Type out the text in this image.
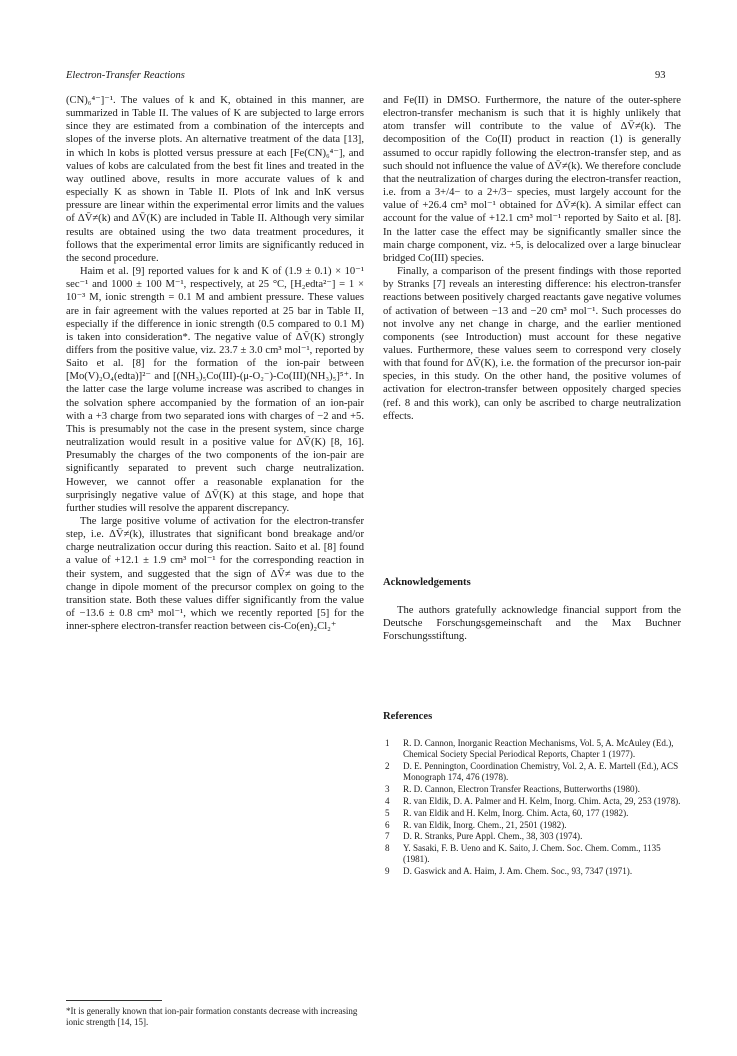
Electron-Transfer Reactions	93

(CN)₆⁴⁻]⁻¹. The values of k and K, obtained in this manner, are summarized in Table II. The values of K are subjected to large errors since they are estimated from a combination of the intercepts and slopes of the inverse plots. An alternative treatment of the data [13], in which ln kobs is plotted versus pressure at each [Fe(CN)₆⁴⁻], and values of kobs are calculated from the best fit lines and treated in the way outlined above, results in more accurate values of k and especially K as shown in Table II. Plots of lnk and lnK versus pressure are linear within the experimental error limits and the values of ΔV̄≠(k) and ΔV̄(K) are included in Table II. Although very similar results are obtained using the two data treatment procedures, it follows that the experimental error limits are significantly reduced in the second procedure.

Haim et al. [9] reported values for k and K of (1.9 ± 0.1) × 10⁻¹ sec⁻¹ and 1000 ± 100 M⁻¹, respectively, at 25 °C, [H₂edta²⁻] = 1 × 10⁻³ M, ionic strength = 0.1 M and ambient pressure. These values are in fair agreement with the values reported at 25 bar in Table II, especially if the difference in ionic strength (0.5 compared to 0.1 M) is taken into consideration*. The negative value of ΔV̄(K) strongly differs from the positive value, viz. 23.7 ± 3.0 cm³ mol⁻¹, reported by Saito et al. [8] for the formation of the ion-pair between [Mo(V)₂O₄(edta)]²⁻ and [(NH₃)₅Co(III)-(μ-O₂⁻)-Co(III)(NH₃)₅]⁵⁺. In the latter case the large volume increase was ascribed to changes in the solvation sphere accompanied by the formation of an ion-pair with a +3 charge from two separated ions with charges of −2 and +5. This is presumably not the case in the present system, since charge neutralization would result in a positive value for ΔV̄(K) [8, 16]. Presumably the charges of the two components of the ion-pair are significantly separated to prevent such charge neutralization. However, we cannot offer a reasonable explanation for the surprisingly negative value of ΔV̄(K) at this stage, and hope that further studies will resolve the apparent discrepancy.

The large positive volume of activation for the electron-transfer step, i.e. ΔV̄≠(k), illustrates that significant bond breakage and/or charge neutralization occur during this reaction. Saito et al. [8] found a value of +12.1 ± 1.9 cm³ mol⁻¹ for the corresponding reaction in their system, and suggested that the sign of ΔV̄≠ was due to the change in dipole moment of the precursor complex on going to the transition state. Both these values differ significantly from the value of −13.6 ± 0.8 cm³ mol⁻¹, which we recently reported [5] for the inner-sphere electron-transfer reaction between cis-Co(en)₂Cl₂⁺

and Fe(II) in DMSO. Furthermore, the nature of the outer-sphere electron-transfer mechanism is such that it is highly unlikely that atom transfer will contribute to the value of ΔV̄≠(k). The decomposition of the Co(II) product in reaction (1) is generally assumed to occur rapidly following the electron-transfer step, and as such should not influence the value of ΔV̄≠(k). We therefore conclude that the neutralization of charges during the electron-transfer reaction, i.e. from a 3+/4− to a 2+/3− species, must largely account for the value of +26.4 cm³ mol⁻¹ obtained for ΔV̄≠(k). A similar effect can account for the value of +12.1 cm³ mol⁻¹ reported by Saito et al. [8]. In the latter case the effect may be significantly smaller since the main charge component, viz. +5, is delocalized over a large binuclear bridged Co(III) species.

Finally, a comparison of the present findings with those reported by Stranks [7] reveals an interesting difference: his electron-transfer reactions between positively charged reactants gave negative volumes of activation of between −13 and −20 cm³ mol⁻¹. Such processes do not involve any net change in charge, and the earlier mentioned components (see Introduction) must account for these negative values. Furthermore, these values seem to correspond very closely with that found for ΔV̄(K), i.e. the formation of the precursor ion-pair species, in this study. On the other hand, the positive volumes of activation for electron-transfer between oppositely charged species (ref. 8 and this work), can only be ascribed to charge neutralization effects.

Acknowledgements
The authors gratefully acknowledge financial support from the Deutsche Forschungsgemeinschaft and the Max Buchner Forschungsstiftung.
References
1	R. D. Cannon, Inorganic Reaction Mechanisms, Vol. 5, A. McAuley (Ed.), Chemical Society Special Periodical Reports, Chapter 1 (1977).
2	D. E. Pennington, Coordination Chemistry, Vol. 2, A. E. Martell (Ed.), ACS Monograph 174, 476 (1978).
3	R. D. Cannon, Electron Transfer Reactions, Butterworths (1980).
4	R. van Eldik, D. A. Palmer and H. Kelm, Inorg. Chim. Acta, 29, 253 (1978).
5	R. van Eldik and H. Kelm, Inorg. Chim. Acta, 60, 177 (1982).
6	R. van Eldik, Inorg. Chem., 21, 2501 (1982).
7	D. R. Stranks, Pure Appl. Chem., 38, 303 (1974).
8	Y. Sasaki, F. B. Ueno and K. Saito, J. Chem. Soc. Chem. Comm., 1135 (1981).
9	D. Gaswick and A. Haim, J. Am. Chem. Soc., 93, 7347 (1971).
*It is generally known that ion-pair formation constants decrease with increasing ionic strength [14, 15].
